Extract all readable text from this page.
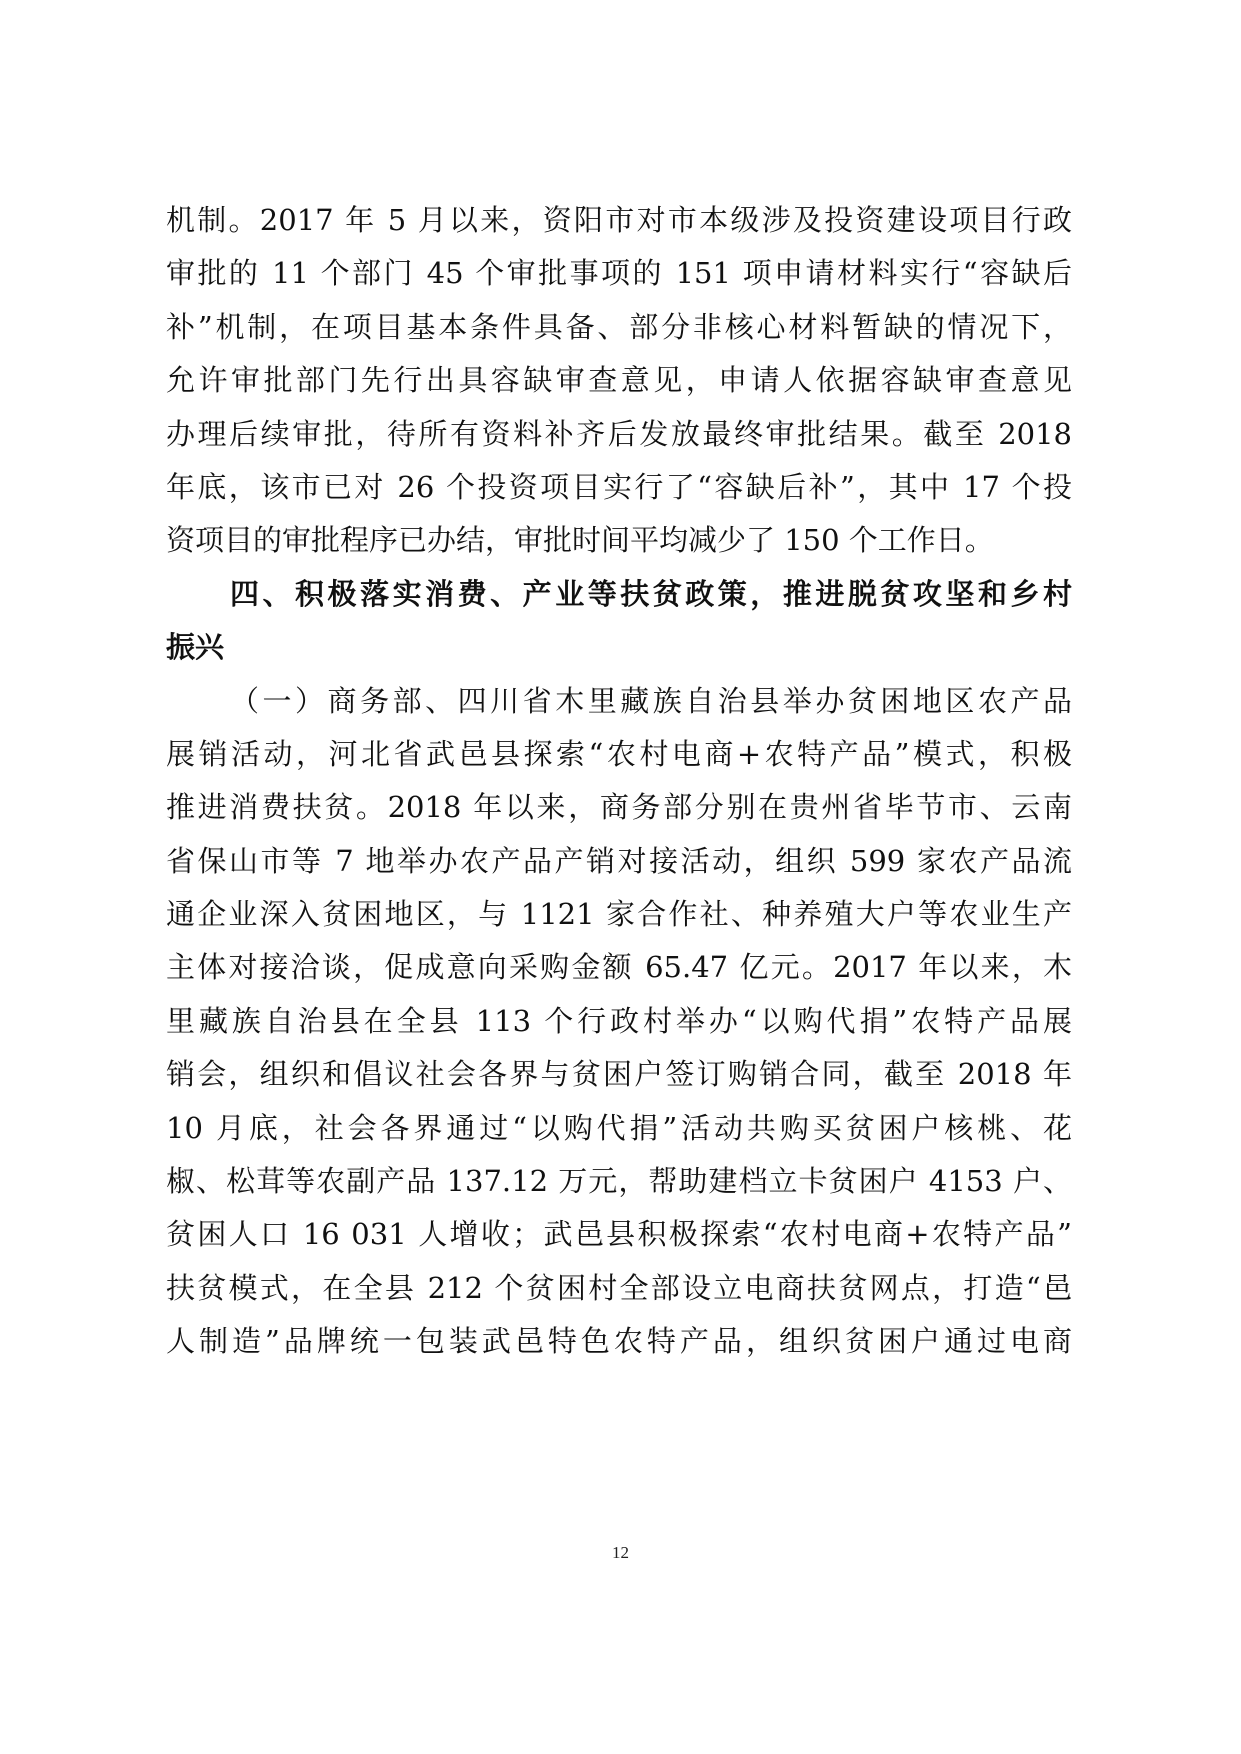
机制。2017 年 5 月以来，资阳市对市本级涉及投资建设项目行政
审批的 11 个部门 45 个审批事项的 151 项申请材料实行“容缺后
补”机制，在项目基本条件具备、部分非核心材料暂缺的情况下，
允许审批部门先行出具容缺审查意见，申请人依据容缺审查意见
办理后续审批，待所有资料补齐后发放最终审批结果。截至 2018
年底，该市已对 26 个投资项目实行了“容缺后补”，其中 17 个投
资项目的审批程序已办结，审批时间平均减少了 150 个工作日。
四、积极落实消费、产业等扶贫政策，推进脱贫攻坚和乡村
振兴
（一）商务部、四川省木里藏族自治县举办贫困地区农产品
展销活动，河北省武邑县探索“农村电商+农特产品”模式，积极
推进消费扶贫。2018 年以来，商务部分别在贵州省毕节市、云南
省保山市等 7 地举办农产品产销对接活动，组织 599 家农产品流
通企业深入贫困地区，与 1121 家合作社、种养殖大户等农业生产
主体对接洽谈，促成意向采购金额 65.47 亿元。2017 年以来，木
里藏族自治县在全县 113 个行政村举办“以购代捐”农特产品展
销会，组织和倡议社会各界与贫困户签订购销合同，截至 2018 年
10 月底，社会各界通过“以购代捐”活动共购买贫困户核桃、花
椒、松茸等农副产品 137.12 万元，帮助建档立卡贫困户 4153 户、
贫困人口 16 031 人增收；武邑县积极探索“农村电商+农特产品”
扶贫模式，在全县 212 个贫困村全部设立电商扶贫网点，打造“邑
人制造”品牌统一包装武邑特色农特产品，组织贫困户通过电商
12
